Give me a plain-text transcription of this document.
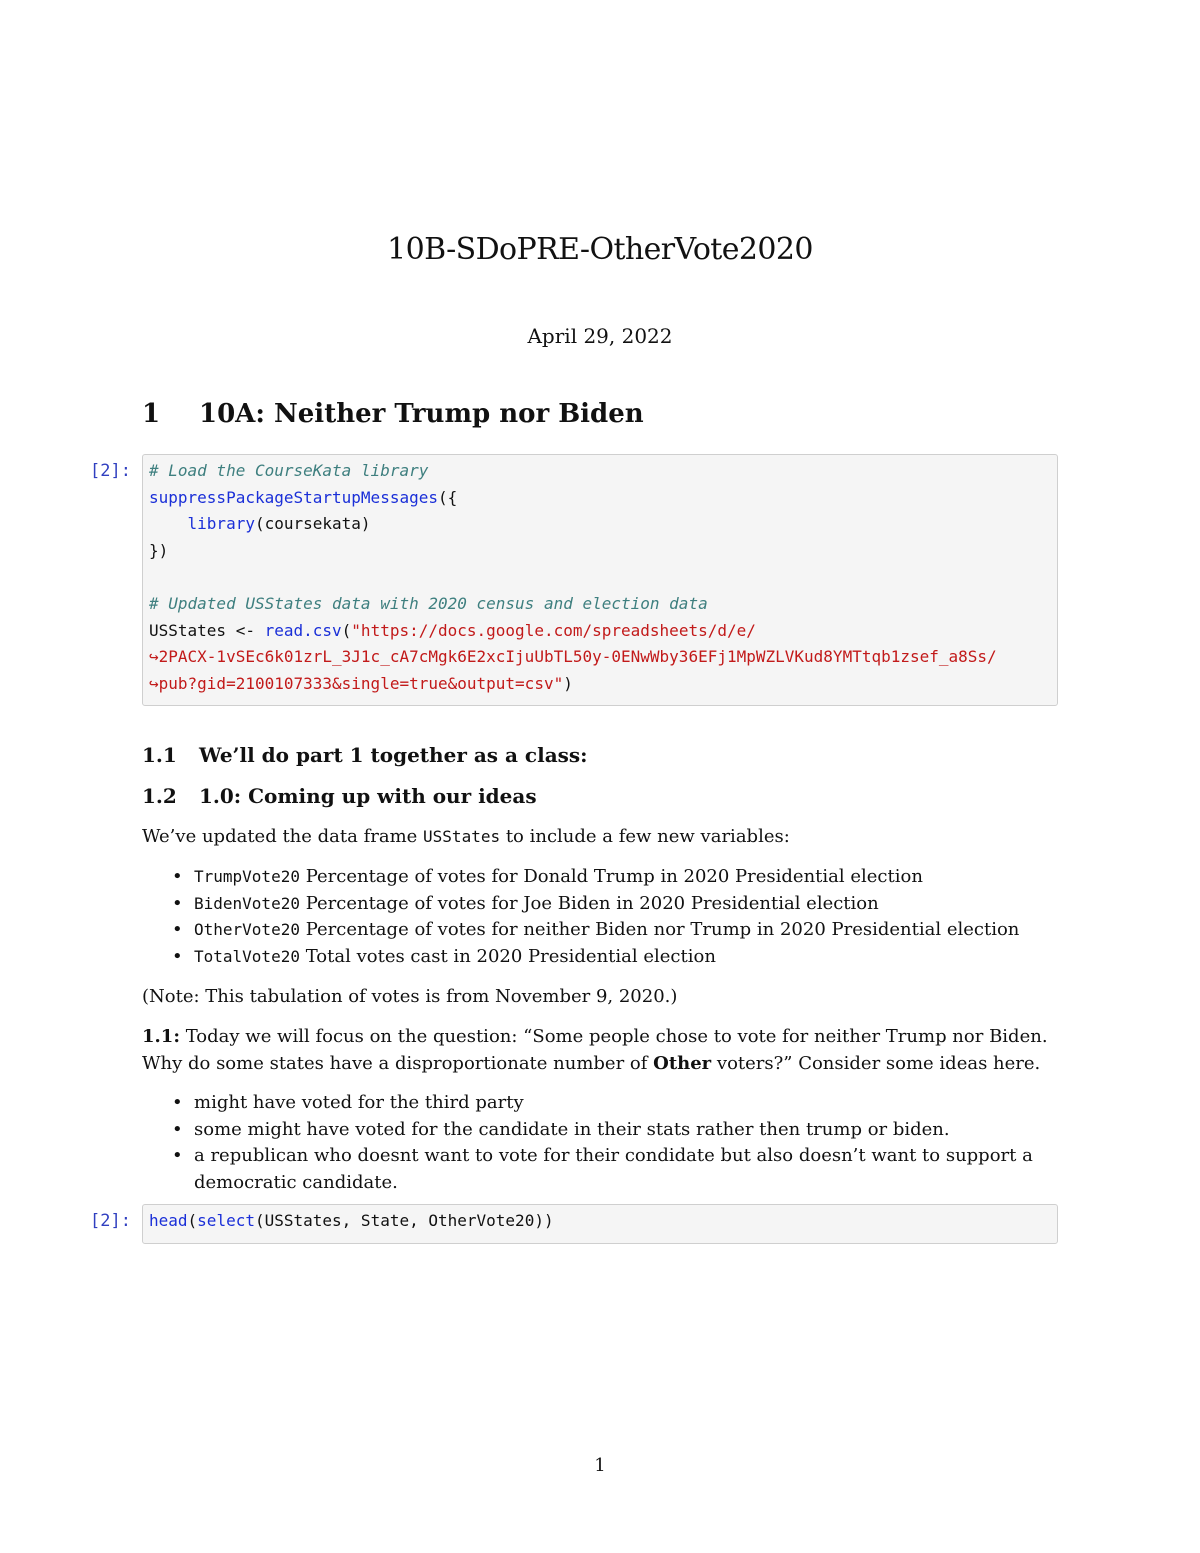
10B-SDoPRE-OtherVote2020
April 29, 2022
1 10A: Neither Trump nor Biden
[2]: # Load the CourseKata library
suppressPackageStartupMessages({
library(coursekata)
})

# Updated USStates data with 2020 census and election data
USStates <- read.csv("https://docs.google.com/spreadsheets/d/e/
↪2PACX-1vSEc6k01zrL_3J1c_cA7cMgk6E2xcIjuUbTL50y-0ENwWby36EFj1MpWZLVKud8YMTtqb1zsef_a8Ss/
↪pub?gid=2100107333&single=true&output=csv")
1.1 We’ll do part 1 together as a class:
1.2 1.0: Coming up with our ideas
We’ve updated the data frame USStates to include a few new variables:
• TrumpVote20 Percentage of votes for Donald Trump in 2020 Presidential election
• BidenVote20 Percentage of votes for Joe Biden in 2020 Presidential election
• OtherVote20 Percentage of votes for neither Biden nor Trump in 2020 Presidential election
• TotalVote20 Total votes cast in 2020 Presidential election
(Note: This tabulation of votes is from November 9, 2020.)
1.1: Today we will focus on the question: “Some people chose to vote for neither Trump nor Biden.
Why do some states have a disproportionate number of Other voters?” Consider some ideas here.
• might have voted for the third party
• some might have voted for the candidate in their stats rather then trump or biden.
• a republican who doesnt want to vote for their condidate but also doesn’t want to support a democratic candidate.
[2]: head(select(USStates, State, OtherVote20))
1
